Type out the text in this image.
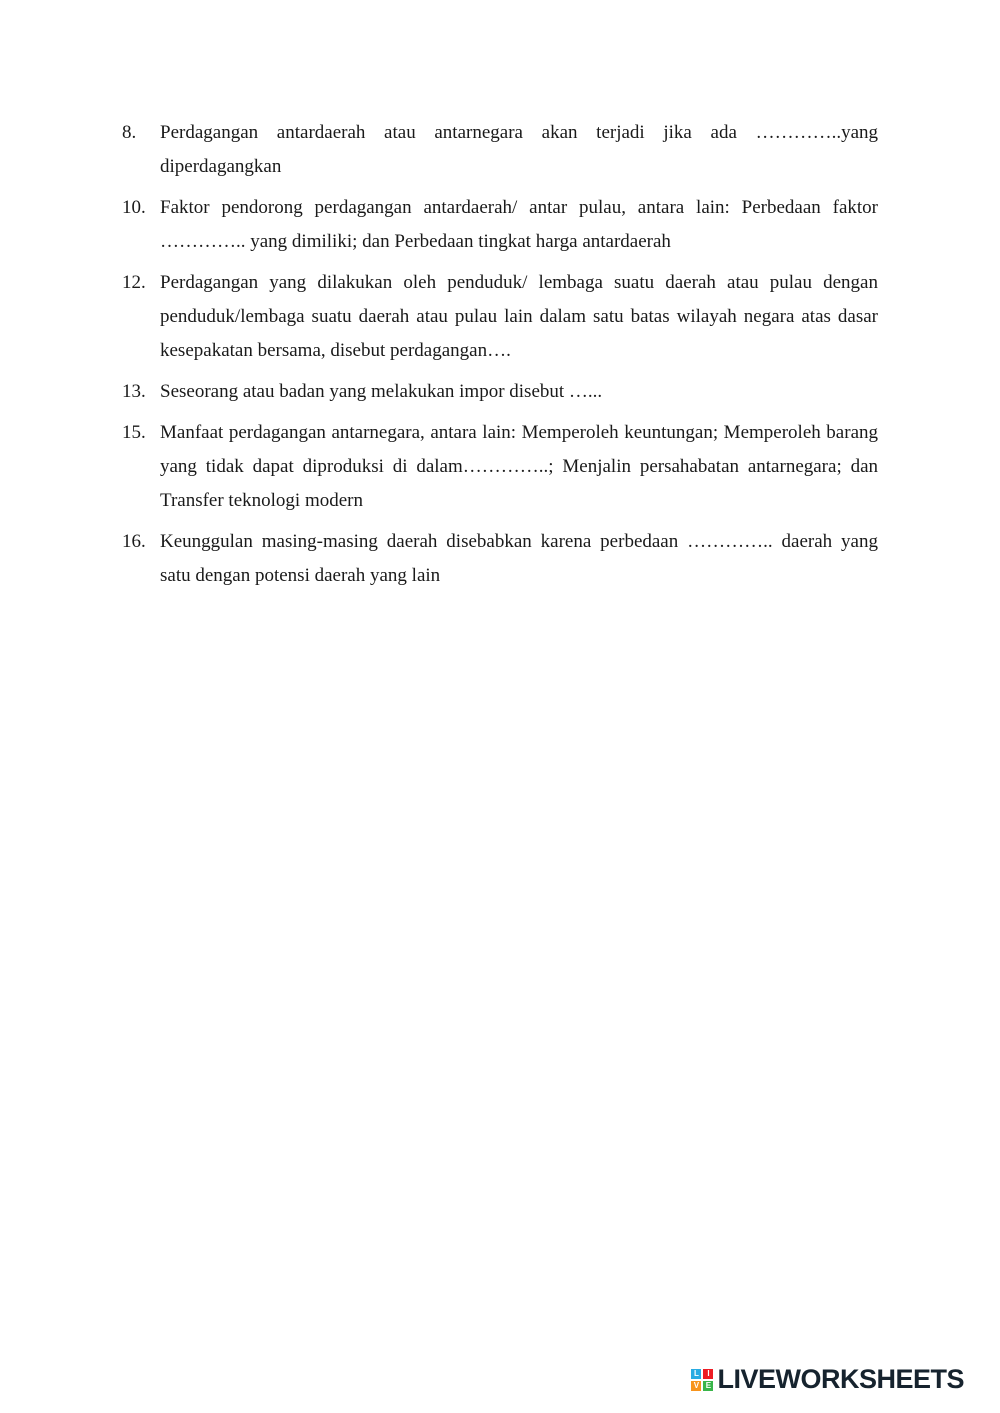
8.	Perdagangan antardaerah atau antarnegara akan terjadi jika ada …………..yang diperdagangkan
10. Faktor pendorong perdagangan antardaerah/ antar pulau, antara lain: Perbedaan faktor ………….. yang dimiliki; dan Perbedaan tingkat harga antardaerah
12. Perdagangan yang dilakukan oleh penduduk/ lembaga suatu daerah atau pulau dengan penduduk/lembaga suatu daerah atau pulau lain dalam satu batas wilayah negara atas dasar kesepakatan bersama, disebut perdagangan….
13. Seseorang atau badan yang melakukan impor disebut …...
15. Manfaat perdagangan antarnegara, antara lain: Memperoleh keuntungan; Memperoleh barang yang tidak dapat diproduksi di dalam…………..; Menjalin persahabatan antarnegara; dan Transfer teknologi modern
16. Keunggulan masing-masing daerah disebabkan karena perbedaan ………….. daerah yang satu dengan potensi daerah yang lain
L	I
V E LIVEWORKSHEETS
